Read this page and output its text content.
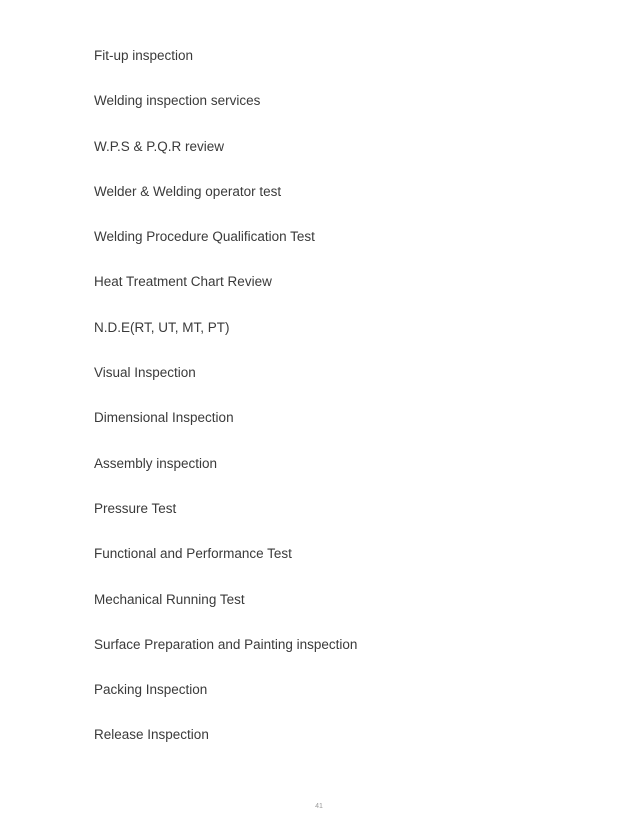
Fit-up inspection
Welding inspection services
W.P.S & P.Q.R review
Welder & Welding operator test
Welding Procedure Qualification Test
Heat Treatment Chart Review
N.D.E(RT, UT, MT, PT)
Visual Inspection
Dimensional Inspection
Assembly inspection
Pressure Test
Functional and Performance Test
Mechanical Running Test
Surface Preparation and Painting inspection
Packing Inspection
Release Inspection
41
